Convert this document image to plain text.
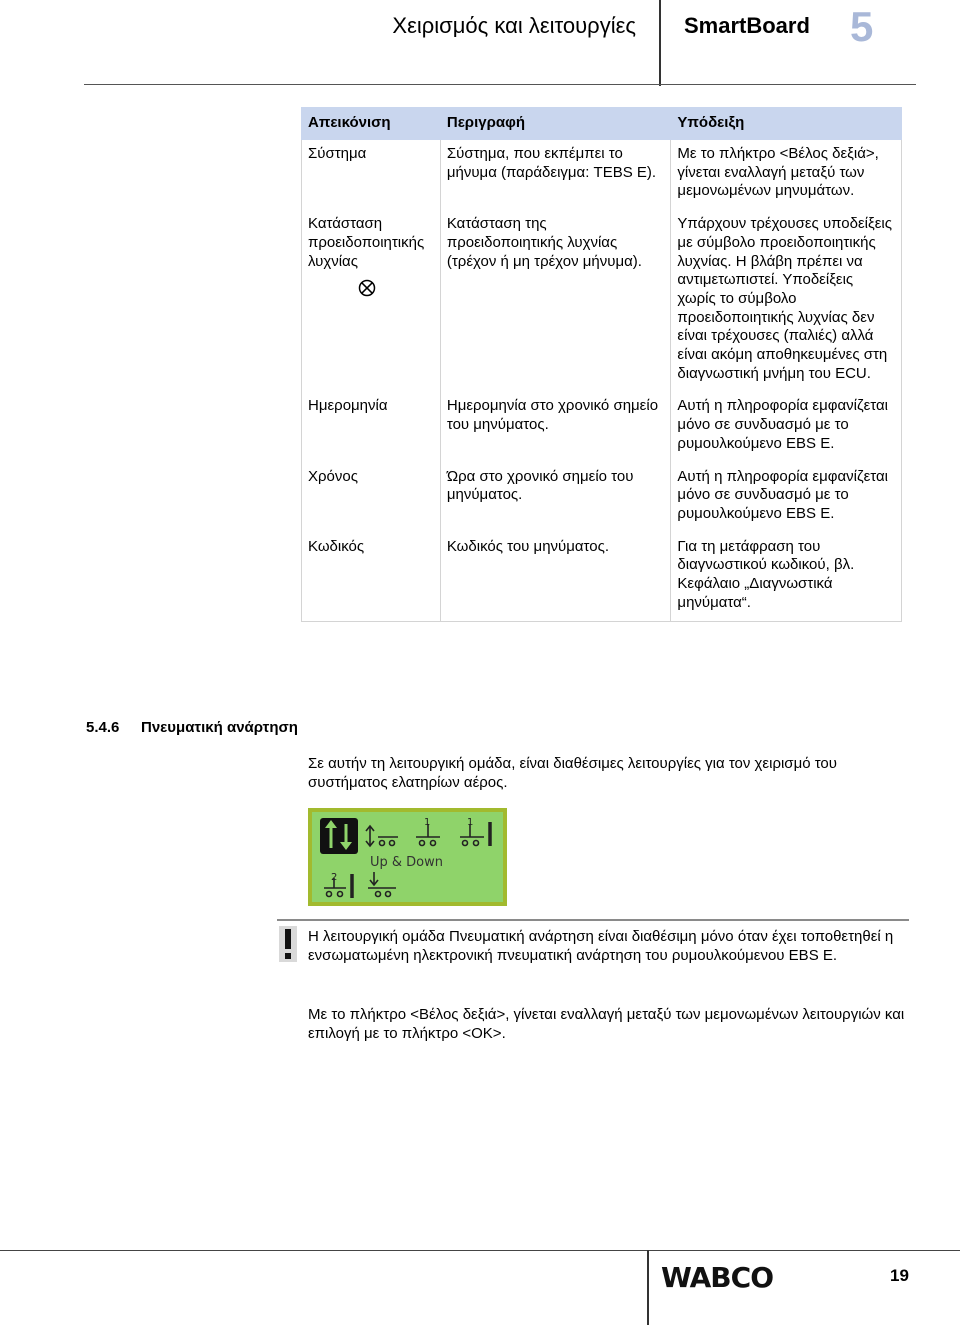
Χειρισμός και λειτουργίες SmartBoard 5
Απεικόνιση	Περιγραφή	Υπόδειξη
Σύστημα	Σύστημα, που εκπέμπει το μήνυμα (παράδειγμα: TEBS E).	Με το πλήκτρο <Βέλος δεξιά>, γίνεται εναλλαγή μεταξύ των μεμονωμένων μηνυμάτων.
Κατάσταση προειδοποιητικής λυχνίας	Κατάσταση της προειδοποιητικής λυχνίας (τρέχον ή μη τρέχον μήνυμα).	Υπάρχουν τρέχουσες υποδείξεις με σύμβολο προειδοποιητικής λυχνίας. Η βλάβη πρέπει να αντιμετωπιστεί. Υποδείξεις χωρίς το σύμβολο προειδοποιητικής λυχνίας δεν είναι τρέχουσες (παλιές) αλλά είναι ακόμη αποθηκευμένες στη διαγνωστική μνήμη του ECU.
Ημερομηνία	Ημερομηνία στο χρονικό σημείο του μηνύματος.	Αυτή η πληροφορία εμφανίζεται μόνο σε συνδυασμό με το ρυμουλκούμενο EBS E.
Χρόνος	Ώρα στο χρονικό σημείο του μηνύματος.	Αυτή η πληροφορία εμφανίζεται μόνο σε συνδυασμό με το ρυμουλκούμενο EBS E.
Κωδικός	Κωδικός του μηνύματος.	Για τη μετάφραση του διαγνωστικού κωδικού, βλ. Κεφάλαιο „Διαγνωστικά μηνύματα“.
5.4.6 Πνευματική ανάρτηση
Σε αυτήν τη λειτουργική ομάδα, είναι διαθέσιμες λειτουργίες για τον χειρισμό του συστήματος ελατηρίων αέρος.
Up & Down
1	1
2
Η λειτουργική ομάδα Πνευματική ανάρτηση είναι διαθέσιμη μόνο όταν έχει τοποθετηθεί η ενσωματωμένη ηλεκτρονική πνευματική ανάρτηση του ρυμουλκούμενου EBS E.
Με το πλήκτρο <Βέλος δεξιά>, γίνεται εναλλαγή μεταξύ των μεμονωμένων λειτουργιών και επιλογή με το πλήκτρο <OK>.
WABCO	19
